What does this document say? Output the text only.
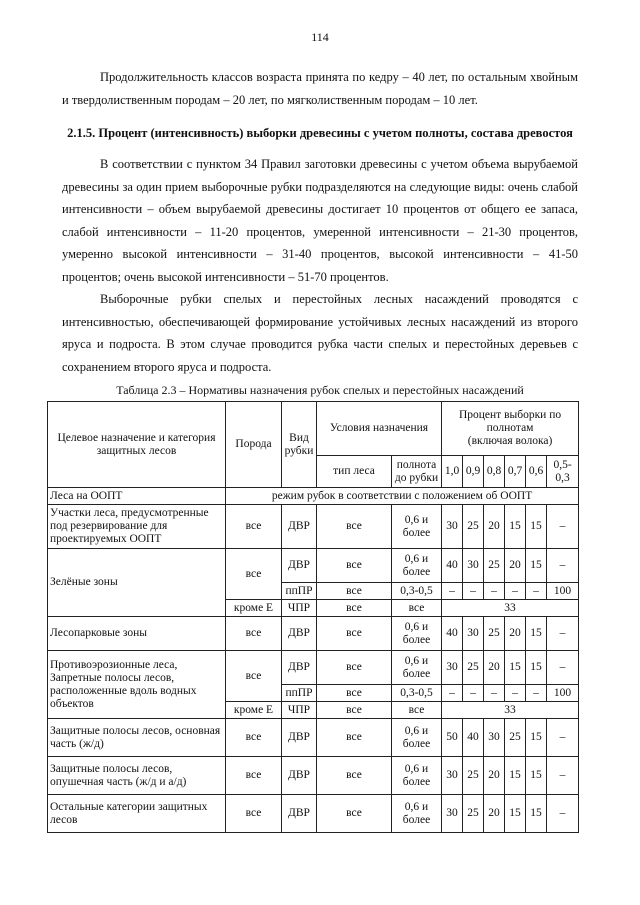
114

Продолжительность классов возраста принята по кедру – 40 лет, по остальным хвойным и твердолиственным породам – 20 лет, по мягколиственным породам – 10 лет.

2.1.5. Процент (интенсивность) выборки древесины с учетом полноты, состава древостоя

В соответствии с пунктом 34 Правил заготовки древесины с учетом объема вырубаемой древесины за один прием выборочные рубки подразделяются на следующие виды: очень слабой интенсивности – объем вырубаемой древесины достигает 10 процентов от общего ее запаса, слабой интенсивности – 11-20 процентов, умеренной интенсивности – 21-30 процентов, умеренно высокой интенсивности – 31-40 процентов, высокой интенсивности – 41-50 процентов; очень высокой интенсивности – 51-70 процентов.

Выборочные рубки спелых и перестойных лесных насаждений проводятся с интенсивностью, обеспечивающей формирование устойчивых лесных насаждений из второго яруса и подроста. В этом случае проводится рубка части спелых и перестойных деревьев с сохранением второго яруса и подроста.

Таблица 2.3 – Нормативы назначения рубок спелых и перестойных насаждений

Целевое назначение и категория защитных лесов	Порода	Вид рубки	Условия назначения		Процент выборки по полнотам
(включая волока)					
			тип леса	полнота до рубки	1,0	0,9	0,8	0,7	0,6	0,5-0,3
Леса на ООПТ	режим рубок в соответствии с положением об ООПТ									
Участки леса, предусмотренные под резервирование для проектируемых ООПТ	все	ДВР	все	0,6 и более	30	25	20	15	15	–
Зелёные зоны	все	ДВР	все	0,6 и более	40	30	25	20	15	–
		ппПР	все	0,3-0,5	–	–	–	–	–	100
	кроме Е	ЧПР	все	все	33					
Лесопарковые зоны	все	ДВР	все	0,6 и более	40	30	25	20	15	–
Противоэрозионные леса, Запретные полосы лесов, расположенные вдоль водных объектов	все	ДВР	все	0,6 и более	30	25	20	15	15	–
		ппПР	все	0,3-0,5	–	–	–	–	–	100
	кроме Е	ЧПР	все	все	33					
Защитные полосы лесов, основная часть (ж/д)	все	ДВР	все	0,6 и более	50	40	30	25	15	–
Защитные полосы лесов, опушечная часть (ж/д и а/д)	все	ДВР	все	0,6 и более	30	25	20	15	15	–
Остальные категории защитных лесов	все	ДВР	все	0,6 и более	30	25	20	15	15	–
